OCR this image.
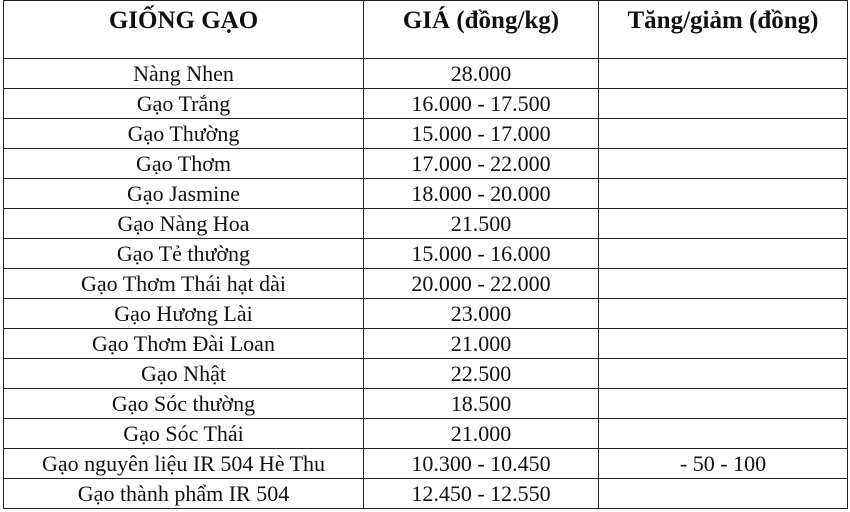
GIỐNG GẠO	GIÁ (đồng/kg)	Tăng/giảm (đồng)
Nàng Nhen	28.000	
Gạo Trắng	16.000 - 17.500	
Gạo Thường	15.000 - 17.000	
Gạo Thơm	17.000 - 22.000	
Gạo Jasmine	18.000 - 20.000	
Gạo Nàng Hoa	21.500	
Gạo Tẻ thường	15.000 - 16.000	
Gạo Thơm Thái hạt dài	20.000 - 22.000	
Gạo Hương Lài	23.000	
Gạo Thơm Đài Loan	21.000	
Gạo Nhật	22.500	
Gạo Sóc thường	18.500	
Gạo Sóc Thái	21.000	
Gạo nguyên liệu IR 504 Hè Thu	10.300 - 10.450	- 50 - 100
Gạo thành phẩm IR 504	12.450 - 12.550	
